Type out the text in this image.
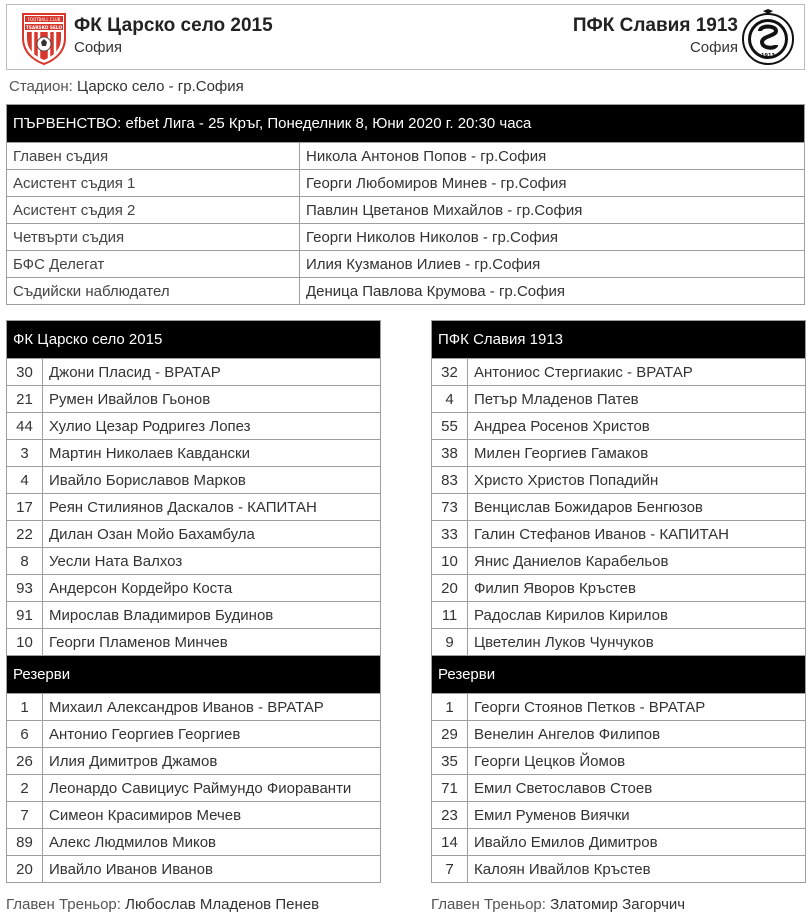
FOOTBALL CLUB
TSARSKO SELO ФК Царско село 2015
София
ПФК Славия 1913
София	1913
Стадион: Царско село - гр.София
ПЪРВЕНСТВО: efbet Лига - 25 Кръг, Понеделник 8, Юни 2020 г. 20:30 часа	
Главен съдия	Никола Антонов Попов - гр.София
Асистент съдия 1	Георги Любомиров Минев - гр.София
Асистент съдия 2	Павлин Цветанов Михайлов - гр.София
Четвърти съдия	Георги Николов Николов - гр.София
БФС Делегат	Илия Кузманов Илиев - гр.София
Съдийски наблюдател	Деница Павлова Крумова - гр.София
ФК Царско село 2015	
30	Джони Пласид - ВРАТАР
21	Румен Ивайлов Гьонов
44	Хулио Цезар Родригез Лопез
3	Мартин Николаев Кавдански
4	Ивайло Бориславов Марков
17	Реян Стилиянов Даскалов - КАПИТАН
22	Дилан Озан Мойо Бахамбула
8	Уесли Ната Валхоз
93	Андерсон Кордейро Коста
91	Мирослав Владимиров Будинов
10	Георги Пламенов Минчев
Резерви	
1	Михаил Александров Иванов - ВРАТАР
6	Антонио Георгиев Георгиев
26	Илия Димитров Джамов
2	Леонардо Савициус Раймундо Фиораванти
7	Симеон Красимиров Мечев
89	Алекс Людмилов Миков
20	Ивайло Иванов Иванов
ПФК Славия 1913	
32	Антониос Стергиакис - ВРАТАР
4	Петър Младенов Патев
55	Андреа Росенов Христов
38	Милен Георгиев Гамаков
83	Христо Христов Попадийн
73	Венцислав Божидаров Бенгюзов
33	Галин Стефанов Иванов - КАПИТАН
10	Янис Даниелов Карабельов
20	Филип Яворов Кръстев
11	Радослав Кирилов Кирилов
9	Цветелин Луков Чунчуков
Резерви	
1	Георги Стоянов Петков - ВРАТАР
29	Венелин Ангелов Филипов
35	Георги Цецков Йомов
71	Емил Светославов Стоев
23	Емил Руменов Виячки
14	Ивайло Емилов Димитров
7	Калоян Ивайлов Кръстев
Главен Треньор: Любослав Младенов Пенев	Главен Треньор: Златомир Загорчич
